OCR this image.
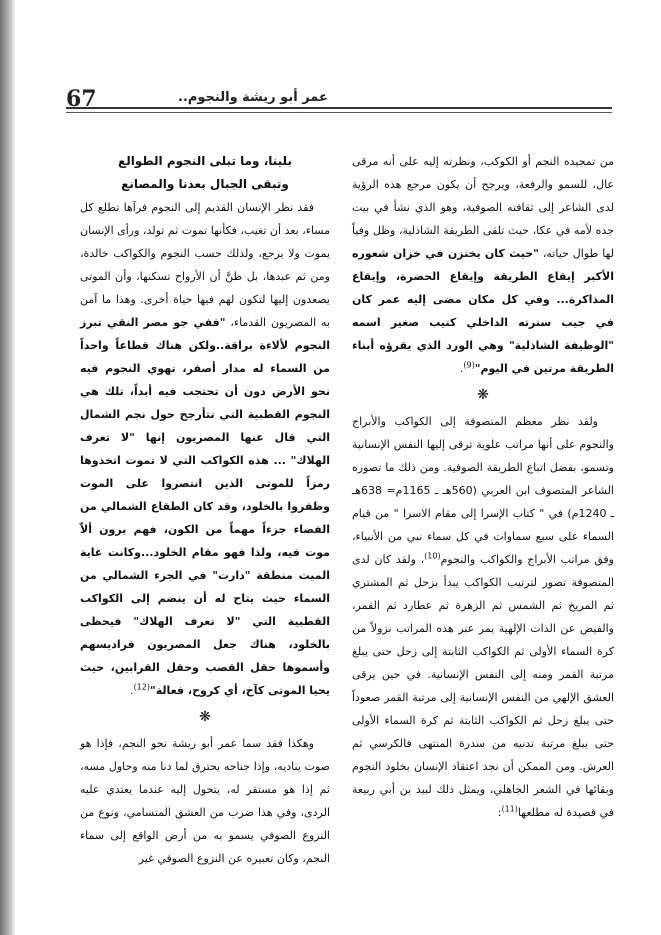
67	عمر أبو ريشة والنجوم..

من تمجيده النجم أو الكوكب، ونظرته إليه على أنه مرقى عال، للسمو والرفعة، ويرجح أن يكون مرجع هذه الرؤية لدى الشاعر إلى ثقافته الصوفية، وهو الذي نشأ في بيت جده لأمه في عكا، حيث تلقى الطريقة الشاذلية، وظل وفياً لها طوال حياته، "حيث كان يختزن في خزان شعوره الأكبر إيقاع الطريقة وإيقاع الحضرة، وإيقاع المذاكرة... وفي كل مكان مضى إليه عمر كان في جيب سترته الداخلي كتيب صغير اسمه "الوظيفة الشاذلية" وهي الورد الذي يقرؤه أبناء الطريقة مرتين في اليوم"$^{(9)}$.

❋

ولقد نظر معظم المتصوفة إلى الكواكب والأبراج والنجوم على أنها مراتب علوية ترقى إليها النفس الإنسانية وتسمو، بفضل اتباع الطريقة الصوفية. ومن ذلك ما تصوره الشاعر المتصوف ابن العربي (560هـ ـ 1165م= 638هـ ـ 1240م) في " كتاب الإسرا إلى مقام الاسرا " من قيام السماء على سبع سماوات في كل سماء نبي من الأنبياء، وفق مراتب الأبراج والكواكب والنجوم$^{(10)}$، ولقد كان لدى المتصوفة تصور لترتيب الكواكب يبدأ بزحل ثم المشتري ثم المريخ ثم الشمس ثم الزهرة ثم عطارد ثم القمر، والفيض عن الذات الإلهية يمر عبر هذه المراتب نزولاً من كرة السماء الأولى ثم الكواكب الثابتة إلى زحل حتى يبلغ مرتبة القمر ومنه إلى النفس الإنسانية. في حين يرقى العشق الإلهي من النفس الإنسانية إلى مرتبة القمر صعوداً حتى يبلغ زحل ثم الكواكب الثابتة ثم كرة السماء الأولى حتى يبلغ مرتبة تدنيه من سدرة المنتهى فالكرسي ثم العرش. ومن الممكن أن نجد اعتقاد الإنسان بخلود النجوم وبقائها في الشعر الجاهلي، ويمثل ذلك لبيد بن أبي ربيعة في قصيدة له مطلعها$^{(11)}$:

بلينا، وما تبلى النجوم الطوالع

وتبقى الجبال بعدنا والمصانع

فقد نظر الإنسان القديم إلى النجوم فرآها تطلع كل مساء، بعد أن تغيب، فكأنها تموت ثم تولد، ورأى الإنسان يموت ولا يرجع، ولذلك حسب النجوم والكواكب خالدة، ومن ثم عبدها، بل ظنَّ أن الأرواح تسكنها، وأن الموتى يصعدون إليها لتكون لهم فيها حياة أخرى. وهذا ما آمن به المصريون القدماء، "ففي جو مصر النقي تبرز النجوم لألاءة براقة..ولكن هناك قطاعاً واحداً من السماء له مدار أصفر، تهوي النجوم فيه نحو الأرض دون أن تحتجب فيه أبداً، تلك هي النجوم القطبية التي تتأرجح حول نجم الشمال التي قال عنها المصريون إنها "لا تعرف الهلاك" ... هذه الكواكب التي لا تموت اتخذوها رمزاً للموتى الذين انتصروا على الموت وظفروا بالخلود، وقد كان الطقاع الشمالي من الفضاء جزءاً مهماً من الكون، فهم يرون ألاّ موت فيه، ولذا فهو مقام الخلود...وكانت غاية الميت منطقة "دارت" في الجزء الشمالي من السماء حيث يتاح له أن ينضم إلى الكواكب القطبية التي "لا تعرف الهلاك" فيحظى بالخلود، هناك جعل المصريون فراديسهم وأسموها حقل القصب وحقل القرابين، حيث يحيا الموتى كآخ، أي كروح، فعالة"$^{(12)}$.

❋

وهكذا فقد سما عمر أبو ريشة نحو النجم، فإذا هو صوت يناديه، وإذا جناحه يحترق لما دنا منه وحاول مسه، ثم إذا هو مستقر له، يتحول إليه عندما يعتدي عليه الردى، وفي هذا ضرب من العشق المتسامي، ونوع من النزوع الصوفي يسمو به من أرض الواقع إلى سماء النجم، وكان تعبيره عن النزوع الصوفي غير
